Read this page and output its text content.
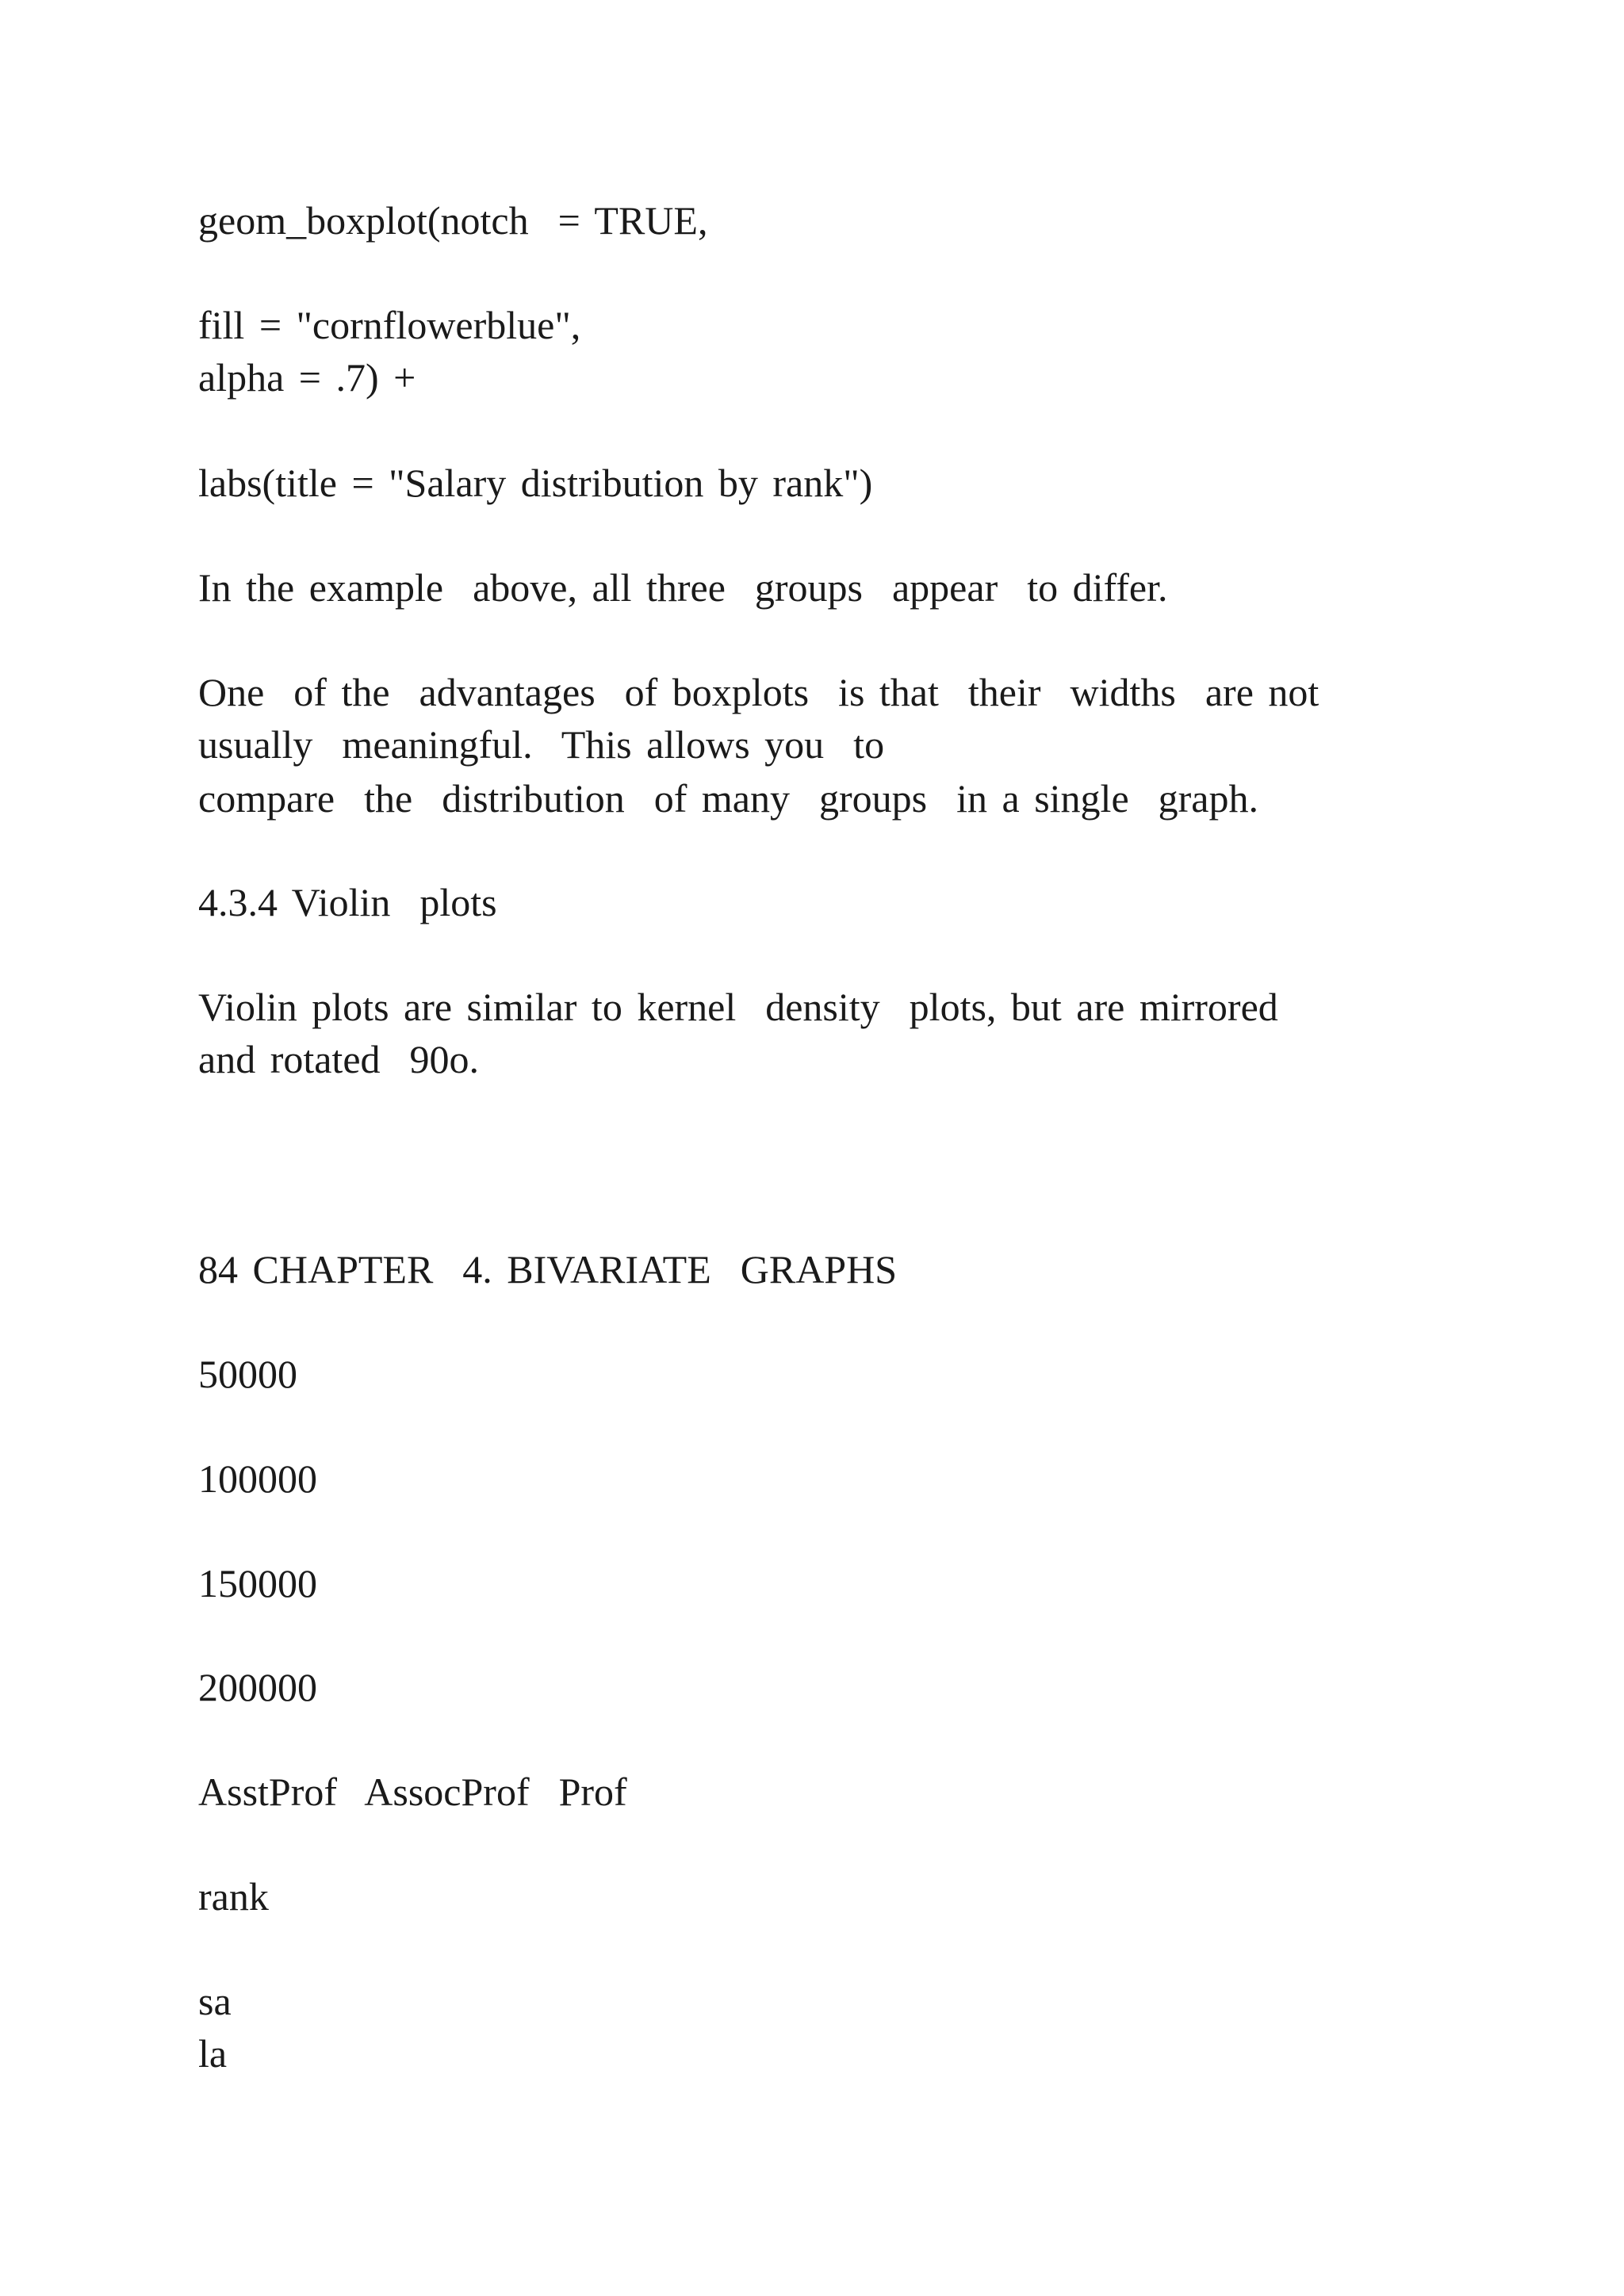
geom_boxplot(notch  = TRUE,
fill = "cornflowerblue",
alpha = .7) +
labs(title = "Salary distribution by rank")
In the example  above, all three  groups  appear  to differ.
One  of the  advantages  of boxplots  is that  their  widths  are not
usually  meaningful.  This allows you  to
compare  the  distribution  of many  groups  in a single  graph.
4.3.4 Violin  plots
Violin plots are similar to kernel  density  plots, but are mirrored
and rotated  90o.
84 CHAPTER  4. BIVARIATE  GRAPHS
50000
100000
150000
200000
AsstProf  AssocProf  Prof
rank
sa
la
